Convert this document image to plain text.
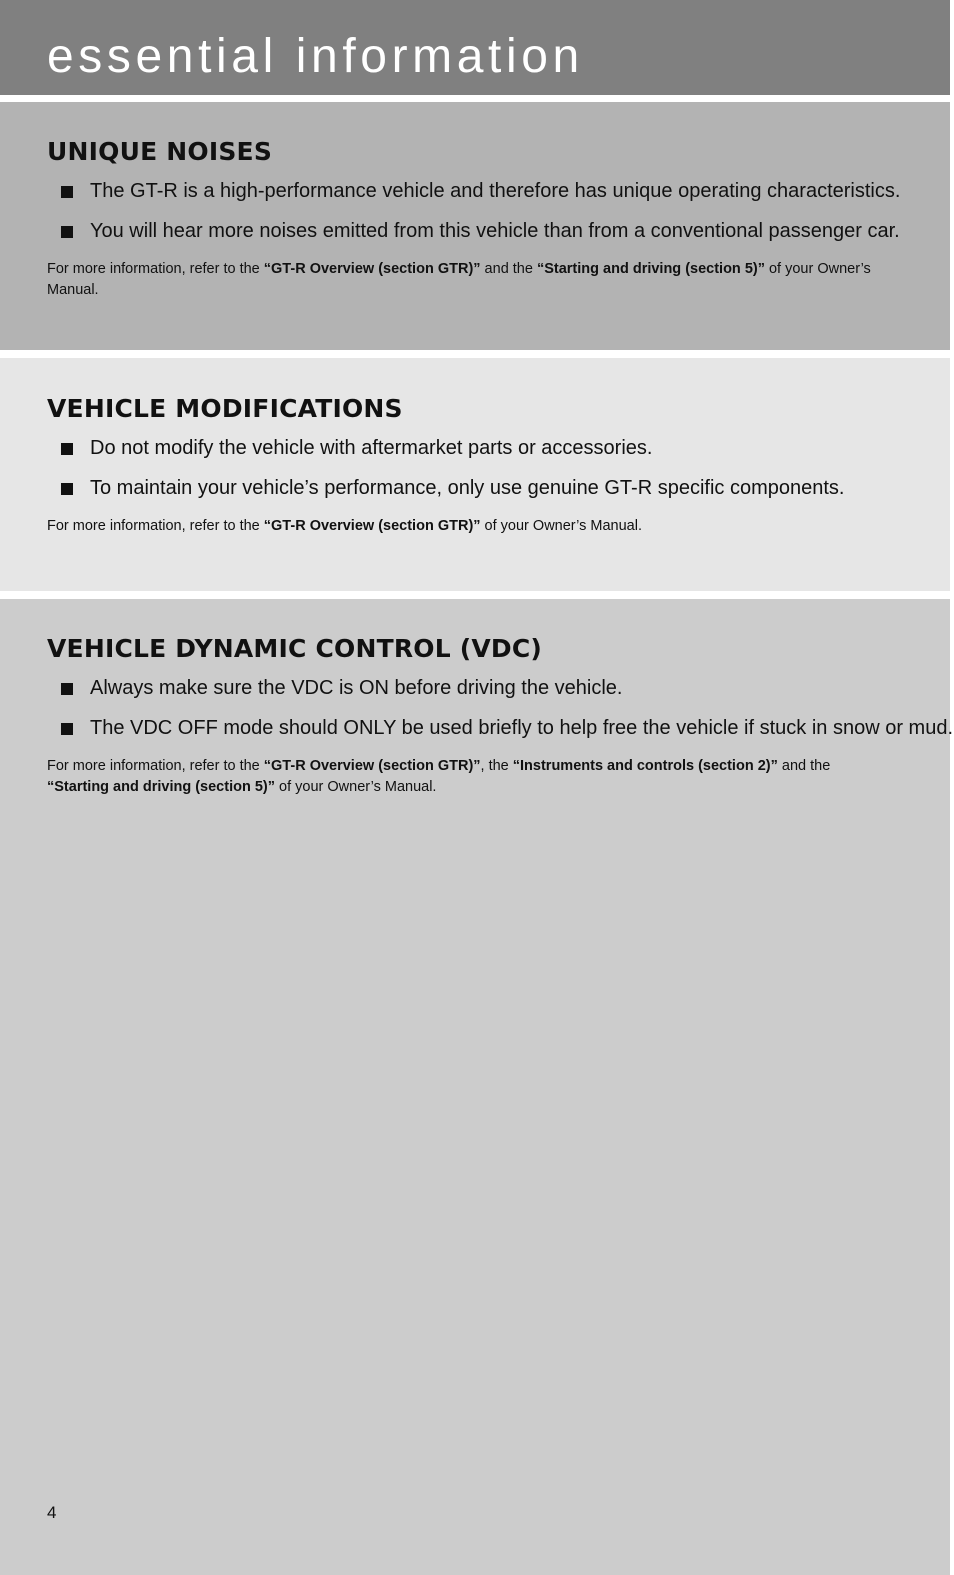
essential information
UNIQUE NOISES
The GT-R is a high-performance vehicle and therefore has unique operating characteristics.
You will hear more noises emitted from this vehicle than from a conventional passenger car.
For more information, refer to the “GT-R Overview (section GTR)” and the “Starting and driving (section 5)” of your Owner’s Manual.
VEHICLE MODIFICATIONS
Do not modify the vehicle with aftermarket parts or accessories.
To maintain your vehicle’s performance, only use genuine GT-R specific components.
For more information, refer to the “GT-R Overview (section GTR)” of your Owner’s Manual.
VEHICLE DYNAMIC CONTROL (VDC)
Always make sure the VDC is ON before driving the vehicle.
The VDC OFF mode should ONLY be used briefly to help free the vehicle if stuck in snow or mud.
For more information, refer to the “GT-R Overview (section GTR)”, the “Instruments and controls (section 2)” and the
“Starting and driving (section 5)” of your Owner’s Manual.
4
